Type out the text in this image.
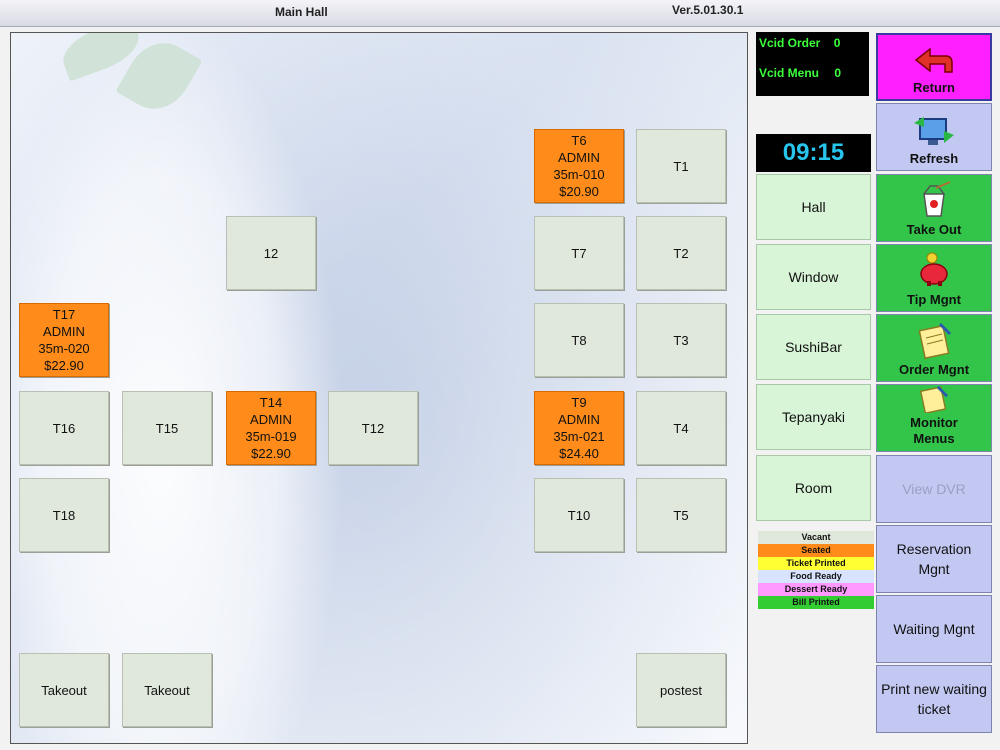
Main Hall	Ver.5.01.30.1
T6
ADMIN
35m-010
$20.90
T17
ADMIN
35m-020
$22.90
T14
ADMIN
35m-019
$22.90
T9
ADMIN
35m-021
$24.40
T1
12	T7	T2
T8	T3
T16	T15	T12	T4
T18	T10	T5
Takeout	Takeout	postest
Vcid Order 0
Vcid Menu 0
09:15
Hall
Window
SushiBar
Tepanyaki
Room
Vacant
Seated
Ticket Printed
Food Ready
Dessert Ready
Bill Printed
Return
Refresh
Take Out
Tip Mgnt
Order Mgnt
Monitor Menus
View DVR
Reservation Mgnt
Waiting Mgnt
Print new waiting ticket
